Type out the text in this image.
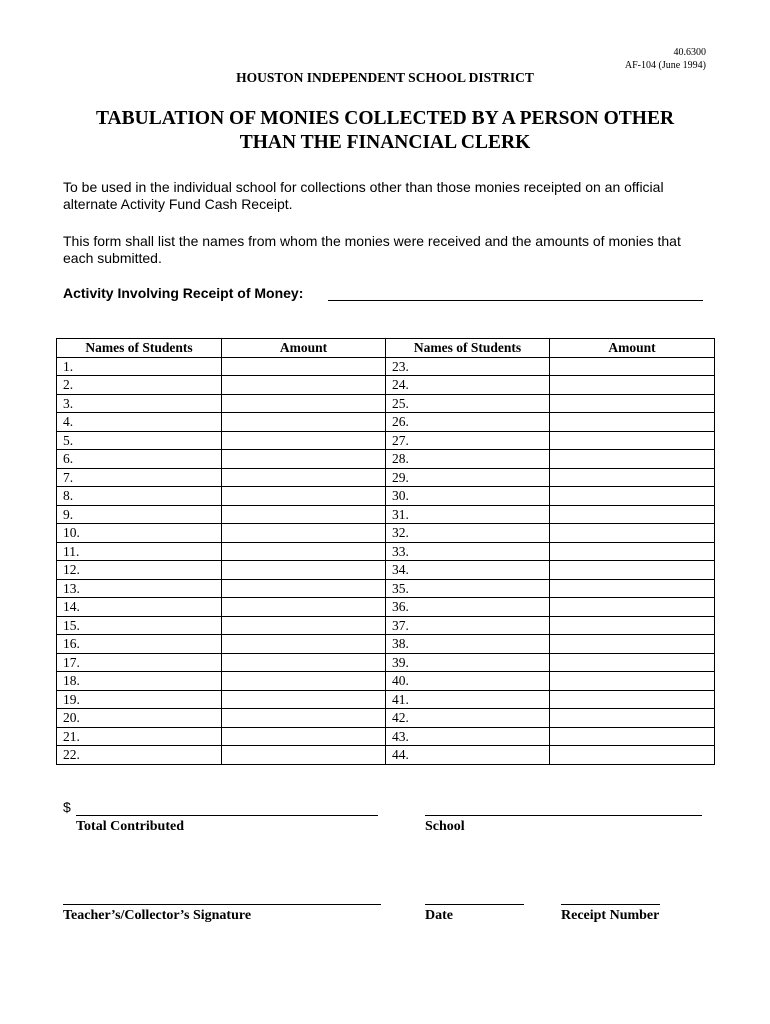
40.6300
AF-104 (June 1994)
HOUSTON INDEPENDENT SCHOOL DISTRICT
TABULATION OF MONIES COLLECTED BY A PERSON OTHER
THAN THE FINANCIAL CLERK
To be used in the individual school for collections other than those monies receipted on an official alternate Activity Fund Cash Receipt.
This form shall list the names from whom the monies were received and the amounts of monies that each submitted.
Activity Involving Receipt of Money:
Names of Students	Amount	Names of Students	Amount
1.		23.	
2.		24.	
3.		25.	
4.		26.	
5.		27.	
6.		28.	
7.		29.	
8.		30.	
9.		31.	
10.		32.	
11.		33.	
12.		34.	
13.		35.	
14.		36.	
15.		37.	
16.		38.	
17.		39.	
18.		40.	
19.		41.	
20.		42.	
21.		43.	
22.		44.	
$
Total Contributed	School
Teacher’s/Collector’s Signature	Date	Receipt Number
